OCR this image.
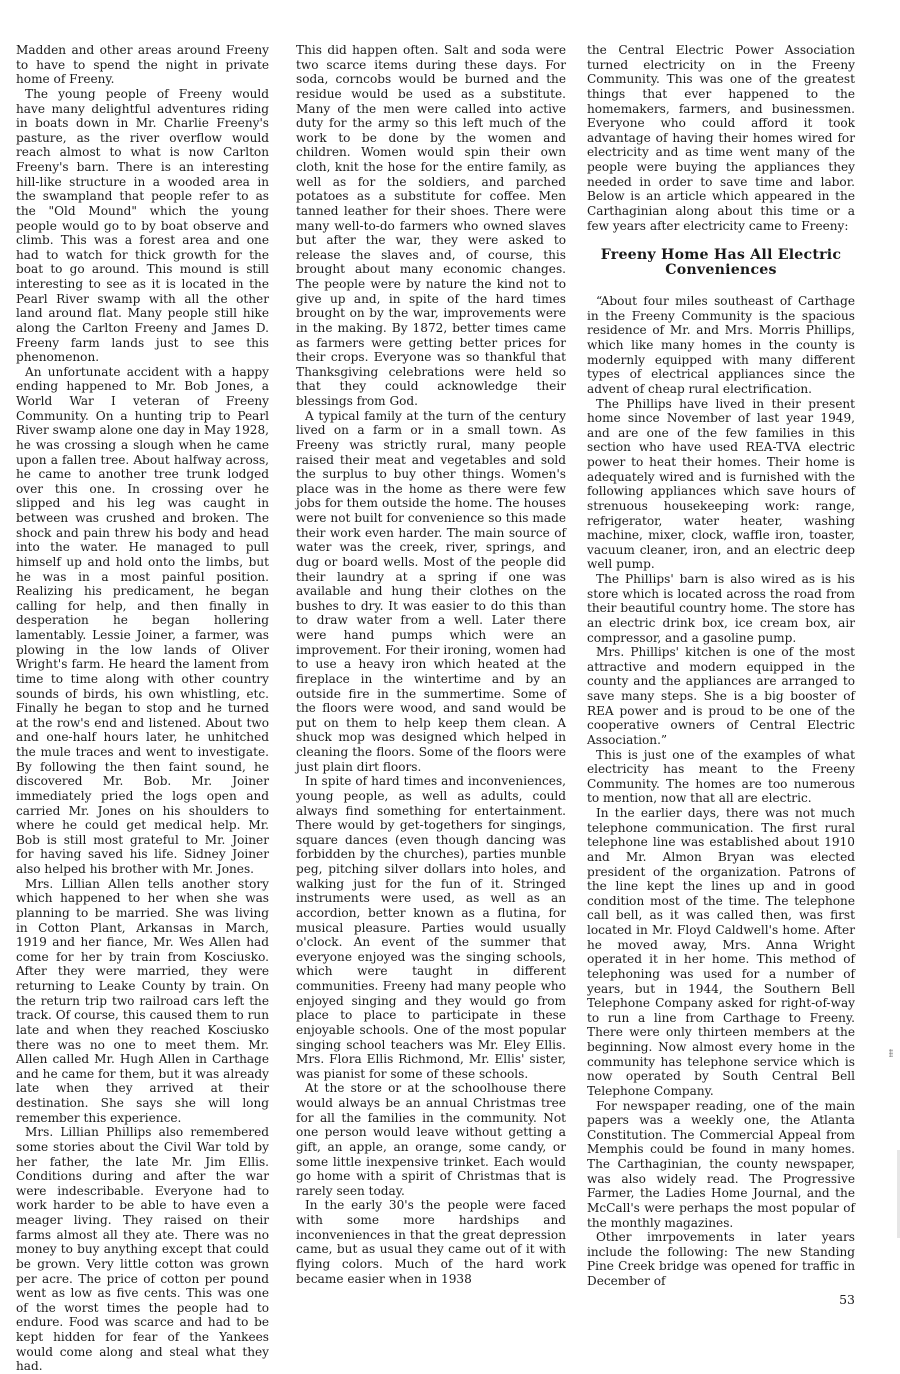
Madden and other areas around Freeny to have to spend the night in private home of Freeny.

The young people of Freeny would have many delightful adventures riding in boats down in Mr. Charlie Freeny's pasture, as the river overflow would reach almost to what is now Carlton Freeny's barn. There is an interesting hill-like structure in a wooded area in the swampland that people refer to as the "Old Mound" which the young people would go to by boat observe and climb. This was a forest area and one had to watch for thick growth for the boat to go around. This mound is still interesting to see as it is located in the Pearl River swamp with all the other land around flat. Many people still hike along the Carlton Freeny and James D. Freeny farm lands just to see this phenomenon.

An unfortunate accident with a happy ending happened to Mr. Bob Jones, a World War I veteran of Freeny Community. On a hunting trip to Pearl River swamp alone one day in May 1928, he was crossing a slough when he came upon a fallen tree. About halfway across, he came to another tree trunk lodged over this one. In crossing over he slipped and his leg was caught in between was crushed and broken. The shock and pain threw his body and head into the water. He managed to pull himself up and hold onto the limbs, but he was in a most painful position. Realizing his predicament, he began calling for help, and then finally in desperation he began hollering lamentably. Lessie Joiner, a farmer, was plowing in the low lands of Oliver Wright's farm. He heard the lament from time to time along with other country sounds of birds, his own whistling, etc. Finally he began to stop and he turned at the row's end and listened. About two and one-half hours later, he unhitched the mule traces and went to investigate. By following the then faint sound, he discovered Mr. Bob. Mr. Joiner immediately pried the logs open and carried Mr. Jones on his shoulders to where he could get medical help. Mr. Bob is still most grateful to Mr. Joiner for having saved his life. Sidney Joiner also helped his brother with Mr. Jones.

Mrs. Lillian Allen tells another story which happened to her when she was planning to be married. She was living in Cotton Plant, Arkansas in March, 1919 and her fiance, Mr. Wes Allen had come for her by train from Kosciusko. After they were married, they were returning to Leake County by train. On the return trip two railroad cars left the track. Of course, this caused them to run late and when they reached Kosciusko there was no one to meet them. Mr. Allen called Mr. Hugh Allen in Carthage and he came for them, but it was already late when they arrived at their destination. She says she will long remember this experience.

Mrs. Lillian Phillips also remembered some stories about the Civil War told by her father, the late Mr. Jim Ellis. Conditions during and after the war were indescribable. Everyone had to work harder to be able to have even a meager living. They raised on their farms almost all they ate. There was no money to buy anything except that could be grown. Very little cotton was grown per acre. The price of cotton per pound went as low as five cents. This was one of the worst times the people had to endure. Food was scarce and had to be kept hidden for fear of the Yankees would come along and steal what they had.

This did happen often. Salt and soda were two scarce items during these days. For soda, corncobs would be burned and the residue would be used as a substitute. Many of the men were called into active duty for the army so this left much of the work to be done by the women and children. Women would spin their own cloth, knit the hose for the entire family, as well as for the soldiers, and parched potatoes as a substitute for coffee. Men tanned leather for their shoes. There were many well-to-do farmers who owned slaves but after the war, they were asked to release the slaves and, of course, this brought about many economic changes. The people were by nature the kind not to give up and, in spite of the hard times brought on by the war, improvements were in the making. By 1872, better times came as farmers were getting better prices for their crops. Everyone was so thankful that Thanksgiving celebrations were held so that they could acknowledge their blessings from God.

A typical family at the turn of the century lived on a farm or in a small town. As Freeny was strictly rural, many people raised their meat and vegetables and sold the surplus to buy other things. Women's place was in the home as there were few jobs for them outside the home. The houses were not built for convenience so this made their work even harder. The main source of water was the creek, river, springs, and dug or board wells. Most of the people did their laundry at a spring if one was available and hung their clothes on the bushes to dry. It was easier to do this than to draw water from a well. Later there were hand pumps which were an improvement. For their ironing, women had to use a heavy iron which heated at the fireplace in the wintertime and by an outside fire in the summertime. Some of the floors were wood, and sand would be put on them to help keep them clean. A shuck mop was designed which helped in cleaning the floors. Some of the floors were just plain dirt floors.

In spite of hard times and inconveniences, young people, as well as adults, could always find something for entertainment. There would by get-togethers for singings, square dances (even though dancing was forbidden by the churches), parties munble peg, pitching silver dollars into holes, and walking just for the fun of it. Stringed instruments were used, as well as an accordion, better known as a flutina, for musical pleasure. Parties would usually o'clock. An event of the summer that everyone enjoyed was the singing schools, which were taught in different communities. Freeny had many people who enjoyed singing and they would go from place to place to participate in these enjoyable schools. One of the most popular singing school teachers was Mr. Eley Ellis. Mrs. Flora Ellis Richmond, Mr. Ellis' sister, was pianist for some of these schools.

At the store or at the schoolhouse there would always be an annual Christmas tree for all the families in the community. Not one person would leave without getting a gift, an apple, an orange, some candy, or some little inexpensive trinket. Each would go home with a spirit of Christmas that is rarely seen today.

In the early 30's the people were faced with some more hardships and inconveniences in that the great depression came, but as usual they came out of it with flying colors. Much of the hard work became easier when in 1938

the Central Electric Power Association turned electricity on in the Freeny Community. This was one of the greatest things that ever happened to the homemakers, farmers, and businessmen. Everyone who could afford it took advantage of having their homes wired for electricity and as time went many of the people were buying the appliances they needed in order to save time and labor. Below is an article which appeared in the Carthaginian along about this time or a few years after electricity came to Freeny:

Freeny Home Has All Electric Conveniences

“About four miles southeast of Carthage in the Freeny Community is the spacious residence of Mr. and Mrs. Morris Phillips, which like many homes in the county is modernly equipped with many different types of electrical appliances since the advent of cheap rural electrification.

The Phillips have lived in their present home since November of last year 1949, and are one of the few families in this section who have used REA-TVA electric power to heat their homes. Their home is adequately wired and is furnished with the following appliances which save hours of strenuous housekeeping work: range, refrigerator, water heater, washing machine, mixer, clock, waffle iron, toaster, vacuum cleaner, iron, and an electric deep well pump.

The Phillips' barn is also wired as is his store which is located across the road from their beautiful country home. The store has an electric drink box, ice cream box, air compressor, and a gasoline pump.

Mrs. Phillips' kitchen is one of the most attractive and modern equipped in the county and the appliances are arranged to save many steps. She is a big booster of REA power and is proud to be one of the cooperative owners of Central Electric Association.”

This is just one of the examples of what electricity has meant to the Freeny Community. The homes are too numerous to mention, now that all are electric.

In the earlier days, there was not much telephone communication. The first rural telephone line was established about 1910 and Mr. Almon Bryan was elected president of the organization. Patrons of the line kept the lines up and in good condition most of the time. The telephone call bell, as it was called then, was first located in Mr. Floyd Caldwell's home. After he moved away, Mrs. Anna Wright operated it in her home. This method of telephoning was used for a number of years, but in 1944, the Southern Bell Telephone Company asked for right-of-way to run a line from Carthage to Freeny. There were only thirteen members at the beginning. Now almost every home in the community has telephone service which is now operated by South Central Bell Telephone Company.

For newspaper reading, one of the main papers was a weekly one, the Atlanta Constitution. The Commercial Appeal from Memphis could be found in many homes. The Carthaginian, the county newspaper, was also widely read. The Progressive Farmer, the Ladies Home Journal, and the McCall's were perhaps the most popular of the monthly magazines.

Other imrpovements in later years include the following: The new Standing Pine Creek bridge was opened for traffic in December of

53
